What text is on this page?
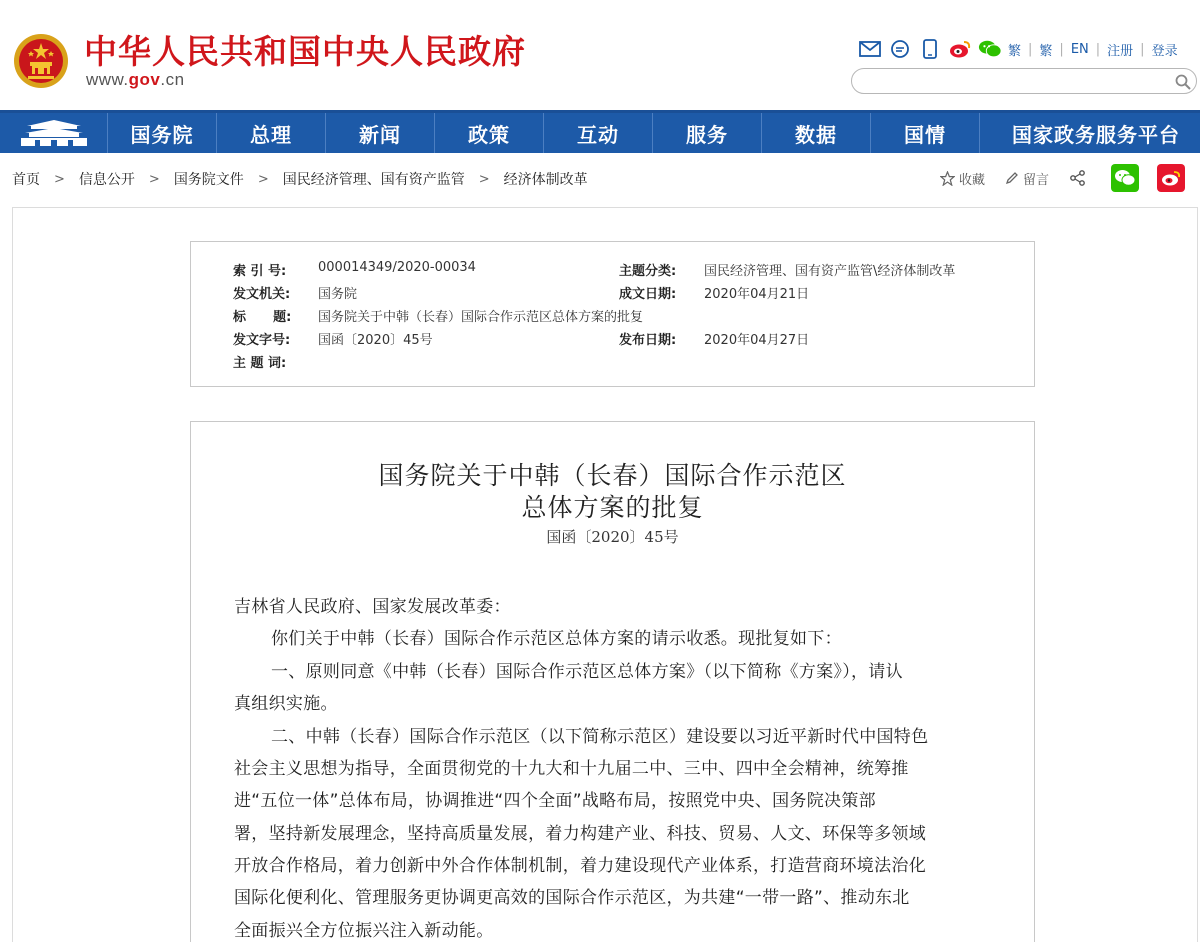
中华人民共和国中央人民政府
www.gov.cn
繁 | 繁 | EN | 注册 | 登录
国务院	总理	新闻	政策	互动	服务	数据	国情	国家政务服务平台
首页 > 信息公开 > 国务院文件 > 国民经济管理、国有资产监管 > 经济体制改革	收藏	留言
索 引 号:	000014349/2020-00034	主题分类:	国民经济管理、国有资产监管\经济体制改革
发文机关:	国务院	成文日期:	2020年04月21日
标      题:	国务院关于中韩（长春）国际合作示范区总体方案的批复
发文字号:	国函〔2020〕45号	发布日期:	2020年04月27日
主 题 词:
国务院关于中韩（长春）国际合作示范区
总体方案的批复
国函〔2020〕45号
吉林省人民政府、国家发展改革委：
你们关于中韩（长春）国际合作示范区总体方案的请示收悉。现批复如下：
一、原则同意《中韩（长春）国际合作示范区总体方案》（以下简称《方案》），请认
真组织实施。
二、中韩（长春）国际合作示范区（以下简称示范区）建设要以习近平新时代中国特色
社会主义思想为指导，全面贯彻党的十九大和十九届二中、三中、四中全会精神，统筹推
进“五位一体”总体布局，协调推进“四个全面”战略布局，按照党中央、国务院决策部
署，坚持新发展理念，坚持高质量发展，着力构建产业、科技、贸易、人文、环保等多领域
开放合作格局，着力创新中外合作体制机制，着力建设现代产业体系，打造营商环境法治化
国际化便利化、管理服务更协调更高效的国际合作示范区，为共建“一带一路”、推动东北
全面振兴全方位振兴注入新动能。
